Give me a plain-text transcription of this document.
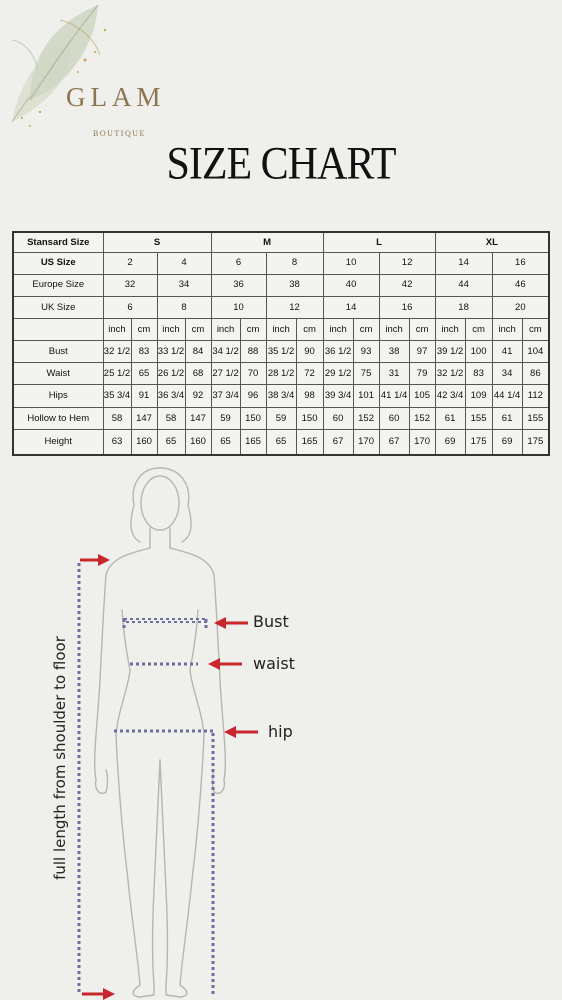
GLAM
BOUTIQUE
SIZE CHART
Stansard Size	S				M				L				XL			
US Size	2		4		6		8		10		12		14		16	
Europe Size	32		34		36		38		40		42		44		46	
UK Size	6		8		10		12		14		16		18		20	
	inch	cm	inch	cm	inch	cm	inch	cm	inch	cm	inch	cm	inch	cm	inch	cm
Bust	32 1/2	83	33 1/2	84	34 1/2	88	35 1/2	90	36 1/2	93	38	97	39 1/2	100	41	104
Waist	25 1/2	65	26 1/2	68	27 1/2	70	28 1/2	72	29 1/2	75	31	79	32 1/2	83	34	86
Hips	35 3/4	91	36 3/4	92	37 3/4	96	38 3/4	98	39 3/4	101	41 1/4	105	42 3/4	109	44 1/4	112
Hollow to Hem	58	147	58	147	59	150	59	150	60	152	60	152	61	155	61	155
Height	63	160	65	160	65	165	65	165	67	170	67	170	69	175	69	175
Bust
waist
hip
full length from shoulder to floor
